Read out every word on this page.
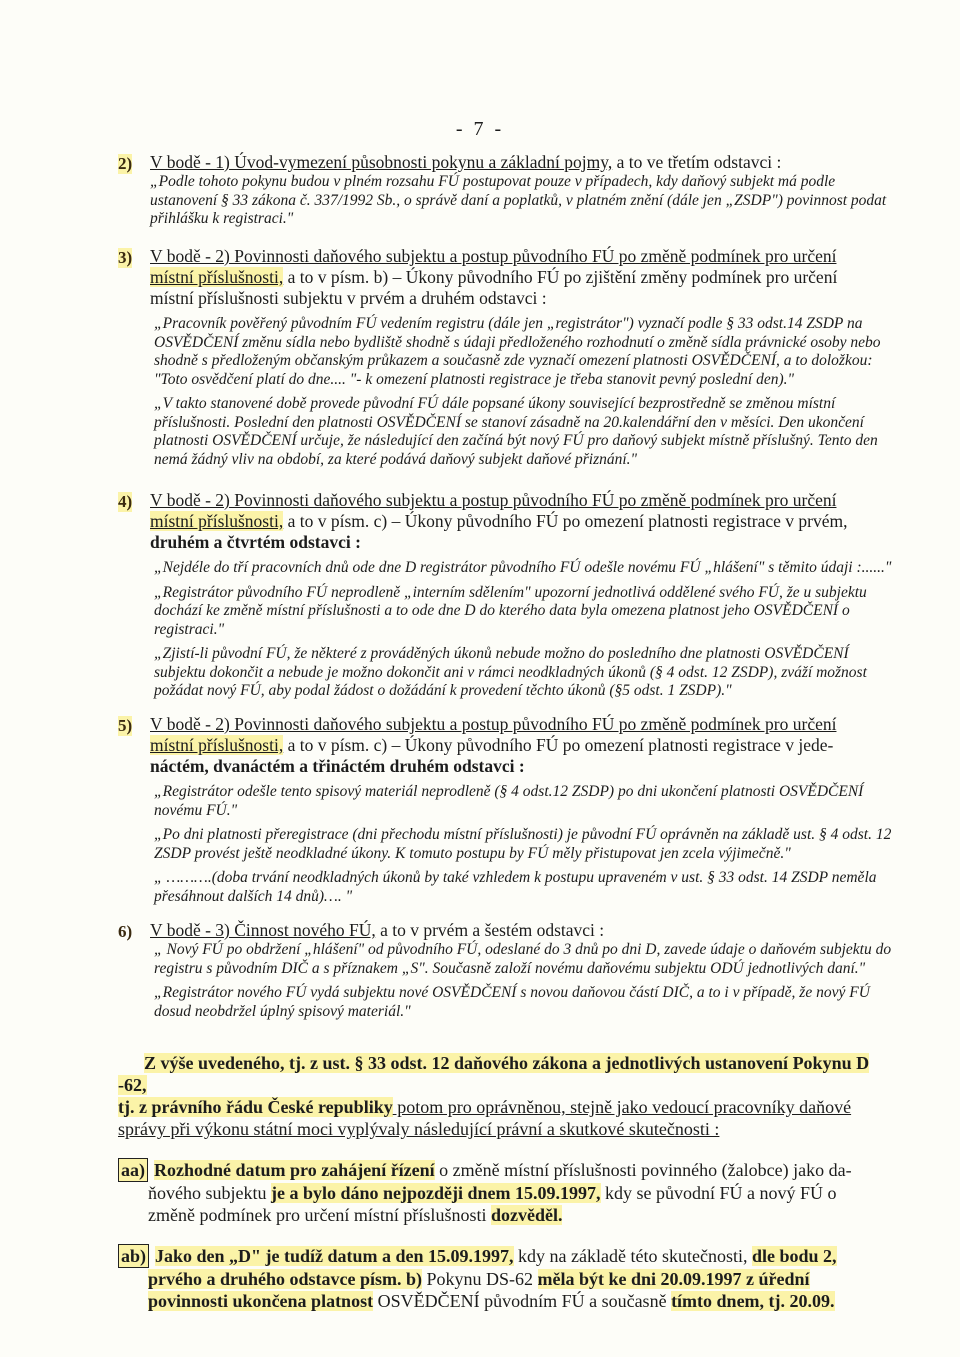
- 7 -
2) V bodě - 1) Úvod-vymezení působnosti pokynu a základní pojmy, a to ve třetím odstavci :
„Podle tohoto pokynu budou v plném rozsahu FÚ postupovat pouze v případech, kdy daňový subjekt má podle ustanovení § 33 zákona č. 337/1992 Sb., o správě daní a poplatků, v platném znění (dále jen „ZSDP") povinnost podat přihlášku k registraci."
3) V bodě - 2) Povinnosti daňového subjektu a postup původního FÚ po změně podmínek pro určení
místní příslušnosti, a to v písm. b) – Úkony původního FÚ po zjištění změny podmínek pro určení
místní příslušnosti subjektu v prvém a druhém odstavci :
„Pracovník pověřený původním FÚ vedením registru (dále jen „registrátor") vyznačí podle § 33 odst.14 ZSDP na OSVĚDČENÍ změnu sídla nebo bydliště shodně s údaji předloženého rozhodnutí o změně sídla právnické osoby nebo shodně s předloženým občanským průkazem a současně zde vyznačí omezení platnosti OSVĚDČENÍ, a to doložkou: "Toto osvědčení platí do dne.... "- k omezení platnosti registrace je třeba stanovit pevný poslední den)."
„V takto stanovené době provede původní FÚ dále popsané úkony související bezprostředně se změnou místní příslušnosti. Poslední den platnosti OSVĚDČENÍ se stanoví zásadně na 20.kalendářní den v měsíci. Den ukončení platnosti OSVĚDČENÍ určuje, že následující den začíná být nový FÚ pro daňový subjekt místně příslušný. Tento den nemá žádný vliv na období, za které podává daňový subjekt daňové přiznání."
4) V bodě - 2) Povinnosti daňového subjektu a postup původního FÚ po změně podmínek pro určení
místní příslušnosti, a to v písm. c) – Úkony původního FÚ po omezení platnosti registrace v prvém,
druhém a čtvrtém odstavci :
„Nejdéle do tří pracovních dnů ode dne D registrátor původního FÚ odešle novému FÚ „hlášení" s těmito údaji :......"
„Registrátor původního FÚ neprodleně „interním sdělením" upozorní jednotlivá oddělené svého FÚ, že u subjektu dochází ke změně místní příslušnosti a to ode dne D do kterého data byla omezena platnost jeho OSVĚDČENÍ o registraci."
„Zjistí-li původní FÚ, že některé z prováděných úkonů nebude možno do posledního dne platnosti OSVĚDČENÍ subjektu dokončit a nebude je možno dokončit ani v rámci neodkladných úkonů (§ 4 odst. 12 ZSDP), zváží možnost požádat nový FÚ, aby podal žádost o dožádání k provedení těchto úkonů (§5 odst. 1 ZSDP)."
5) V bodě - 2) Povinnosti daňového subjektu a postup původního FÚ po změně podmínek pro určení
místní příslušnosti, a to v písm. c) – Úkony původního FÚ po omezení platnosti registrace v jede-
náctém, dvanáctém a třináctém druhém odstavci :
„Registrátor odešle tento spisový materiál neprodleně (§ 4 odst.12 ZSDP) po dni ukončení platnosti OSVĚDČENÍ novému FÚ."
„Po dni platnosti přeregistrace (dni přechodu místní příslušnosti) je původní FÚ oprávněn na základě ust. § 4 odst. 12 ZSDP provést ještě neodkladné úkony. K tomuto postupu by FÚ měly přistupovat jen zcela výjimečně."
„ ……….(doba trvání neodkladných úkonů by také vzhledem k postupu upraveném v ust. § 33 odst. 14 ZSDP neměla přesáhnout dalších 14 dnů)…. "
6) V bodě - 3) Činnost nového FÚ, a to v prvém a šestém odstavci :
„ Nový FÚ po obdržení „hlášení" od původního FÚ, odeslané do 3 dnů po dni D, zavede údaje o daňovém subjektu do registru s původním DIČ a s příznakem „S". Současně založí novému daňovému subjektu ODÚ jednotlivých daní."
„Registrátor nového FÚ vydá subjektu nové OSVĚDČENÍ s novou daňovou částí DIČ, a to i v případě, že nový FÚ dosud neobdržel úplný spisový materiál."
Z výše uvedeného, tj. z ust. § 33 odst. 12 daňového zákona a jednotlivých ustanovení Pokynu D -62,
tj. z právního řádu České republiky potom pro oprávněnou, stejně jako vedoucí pracovníky daňové
správy při výkonu státní moci vyplývaly následující právní a skutkové skutečnosti :
aa) Rozhodné datum pro zahájení řízení o změně místní příslušnosti povinného (žalobce) jako da-
ňového subjektu je a bylo dáno nejpozději dnem 15.09.1997, kdy se původní FÚ a nový FÚ o
změně podmínek pro určení místní příslušnosti dozvěděl.
ab) Jako den „D" je tudíž datum a den 15.09.1997, kdy na základě této skutečnosti, dle bodu 2,
prvého a druhého odstavce písm. b) Pokynu DS-62 měla být ke dni 20.09.1997 z úřední
povinnosti ukončena platnost OSVĚDČENÍ původním FÚ a současně tímto dnem, tj. 20.09.
